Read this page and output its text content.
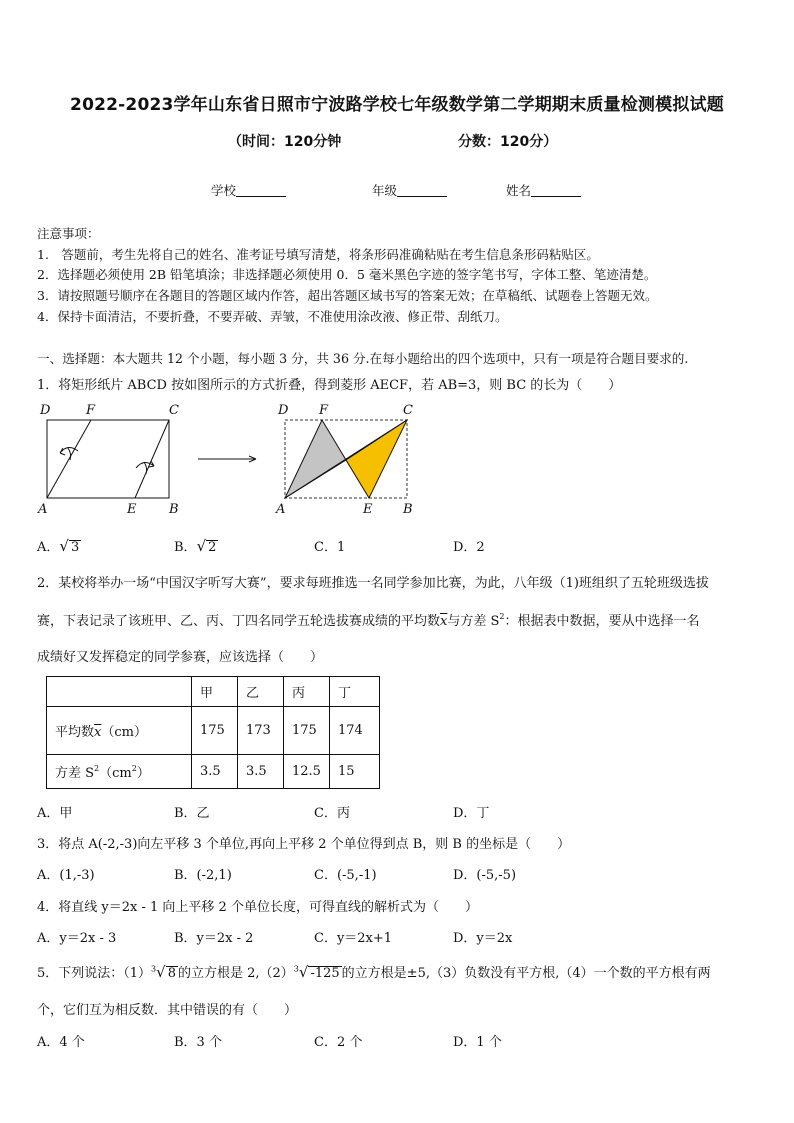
2022-2023学年山东省日照市宁波路学校七年级数学第二学期期末质量检测模拟试题
（时间：120分钟	分数：120分）
学校	年级	姓名
注意事项：
1.　答题前，考生先将自己的姓名、准考证号填写清楚，将条形码准确粘贴在考生信息条形码粘贴区。
2．选择题必须使用 2B 铅笔填涂；非选择题必须使用 0．5 毫米黑色字迹的签字笔书写，字体工整、笔迹清楚。
3．请按照题号顺序在各题目的答题区域内作答，超出答题区域书写的答案无效；在草稿纸、试题卷上答题无效。
4．保持卡面清洁，不要折叠，不要弄破、弄皱，不准使用涂改液、修正带、刮纸刀。
一、选择题：本大题共 12 个小题，每小题 3 分，共 36 分.在每小题给出的四个选项中，只有一项是符合题目要求的.
1．将矩形纸片 ABCD 按如图所示的方式折叠，得到菱形 AECF，若 AB=3，则 BC 的长为（　　）
D	F	C
A	E	B
D F	C
A	E B
A．√ 3	B．√ 2	C．1	D．2
2．某校将举办一场“中国汉字听写大赛”，要求每班推选一名同学参加比赛，为此，八年级（1)班组织了五轮班级选拔
赛，下表记录了该班甲、乙、丙、丁四名同学五轮选拔赛成绩的平均数$\overline{x}$与方差 $S^2$：根据表中数据，要从中选择一名
成绩好又发挥稳定的同学参赛，应该选择（　　）
	甲	乙	丙	丁
平均数$\overline{x}(cm)$	175	173	175	174
方差 $S^2(cm^2)$	3.5	3.5	12.5	15
A．甲	B．乙	C．丙	D．丁
3．将点 A(-2,-3)向左平移 3 个单位,再向上平移 2 个单位得到点 B，则 B 的坐标是（　　）
A．(1,-3)	B．(-2,1)	C．(-5,-1)	D．(-5,-5)
4．将直线 y＝2x - 1 向上平移 2 个单位长度，可得直线的解析式为（　　）
A．y＝2x - 3	B．y＝2x - 2	C．y＝2x+1	D．y＝2x
5．下列说法：$(1)^3√$ 8 的立方根是 $2,(2)^3√$ -125 的立方根是±5,（3）负数没有平方根,（4）一个数的平方根有两
个，它们互为相反数．其中错误的有（　　）
A．4 个	B．3 个	C．2 个	D．1 个
